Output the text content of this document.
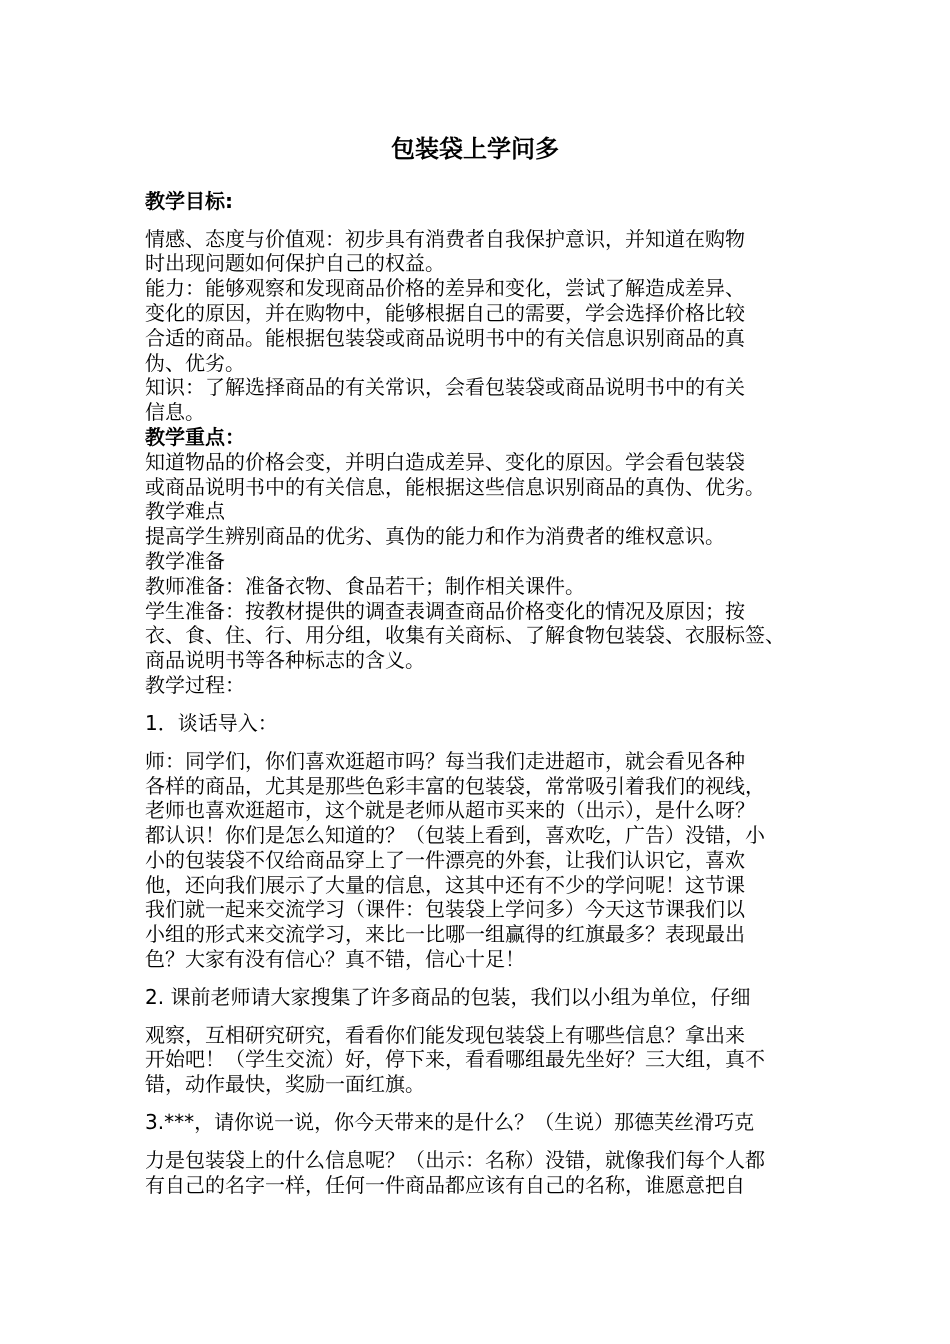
包装袋上学问多
教学目标:
情感、态度与价值观：初步具有消费者自我保护意识，并知道在购物
时出现问题如何保护自己的权益。
能力：能够观察和发现商品价格的差异和变化，尝试了解造成差异、
变化的原因，并在购物中，能够根据自己的需要，学会选择价格比较
合适的商品。能根据包装袋或商品说明书中的有关信息识别商品的真
伪、优劣。
知识：了解选择商品的有关常识，会看包装袋或商品说明书中的有关
信息。
教学重点：
知道物品的价格会变，并明白造成差异、变化的原因。学会看包装袋
或商品说明书中的有关信息，能根据这些信息识别商品的真伪、优劣。
教学难点
提高学生辨别商品的优劣、真伪的能力和作为消费者的维权意识。
教学准备
教师准备：准备衣物、食品若干；制作相关课件。
学生准备：按教材提供的调查表调查商品价格变化的情况及原因；按
衣、食、住、行、用分组，收集有关商标、了解食物包装袋、衣服标签、
商品说明书等各种标志的含义。
教学过程：
1．谈话导入：
师：同学们，你们喜欢逛超市吗？每当我们走进超市，就会看见各种
各样的商品，尤其是那些色彩丰富的包装袋，常常吸引着我们的视线，
老师也喜欢逛超市，这个就是老师从超市买来的（出示），是什么呀？
都认识！你们是怎么知道的？（包装上看到，喜欢吃，广告）没错，小
小的包装袋不仅给商品穿上了一件漂亮的外套，让我们认识它，喜欢
他，还向我们展示了大量的信息，这其中还有不少的学问呢！这节课
我们就一起来交流学习（课件：包装袋上学问多）今天这节课我们以
小组的形式来交流学习，来比一比哪一组赢得的红旗最多？表现最出
色？大家有没有信心？真不错，信心十足！
2. 课前老师请大家搜集了许多商品的包装，我们以小组为单位，仔细
观察，互相研究研究，看看你们能发现包装袋上有哪些信息？拿出来
开始吧！（学生交流）好，停下来，看看哪组最先坐好？三大组，真不
错，动作最快，奖励一面红旗。
3.***，请你说一说，你今天带来的是什么？（生说）那德芙丝滑巧克
力是包装袋上的什么信息呢？（出示：名称）没错，就像我们每个人都
有自己的名字一样，任何一件商品都应该有自己的名称，谁愿意把自
